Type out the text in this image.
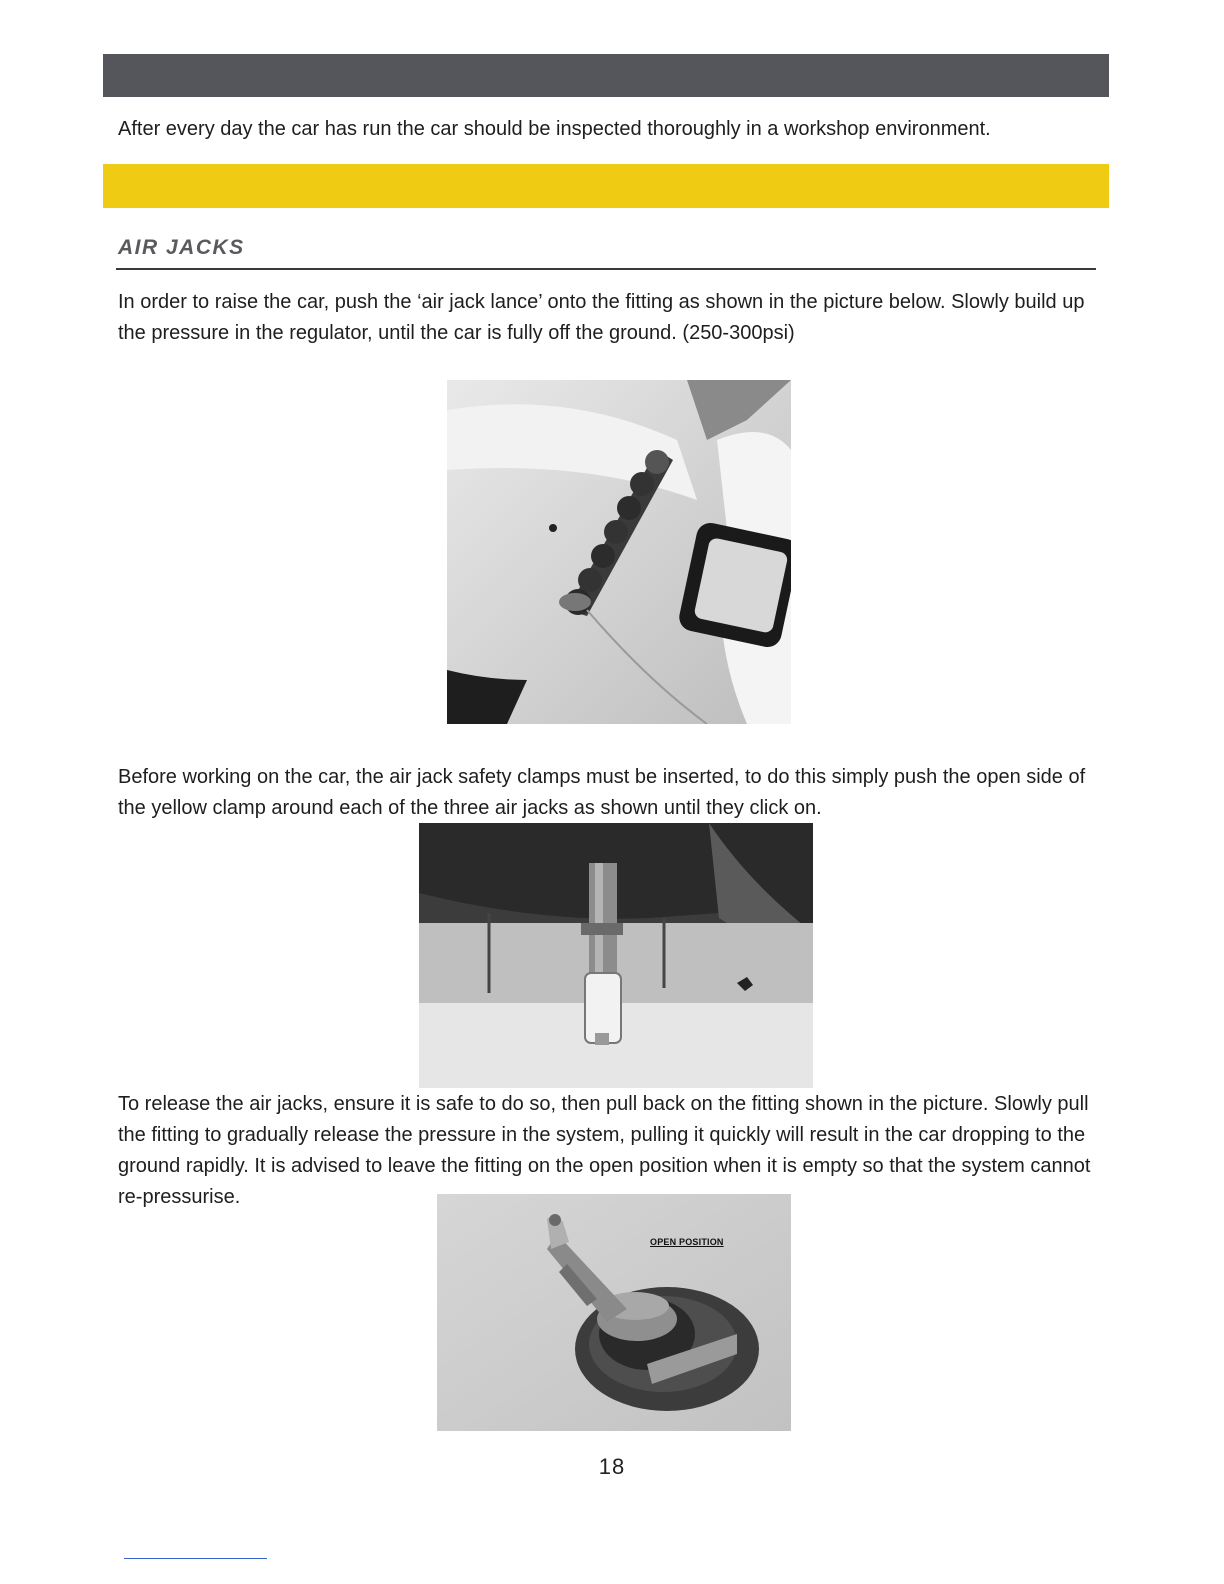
After every day the car has run the car should be inspected thoroughly in a workshop environment.

AIR JACKS

In order to raise the car, push the ‘air jack lance’ onto the fitting as shown in the picture below. Slowly build up the pressure in the regulator, until the car is fully off the ground. (250-300psi)

Before working on the car, the air jack safety clamps must be inserted, to do this simply push the open side of the yellow clamp around each of the three air jacks as shown until they click on.

To release the air jacks, ensure it is safe to do so, then pull back on the fitting shown in the picture. Slowly pull the fitting to gradually release the pressure in the system, pulling it quickly will result in the car dropping to the ground rapidly. It is advised to leave the fitting on the open position when it is empty so that the system cannot re-pressurise.

OPEN POSITION
18
